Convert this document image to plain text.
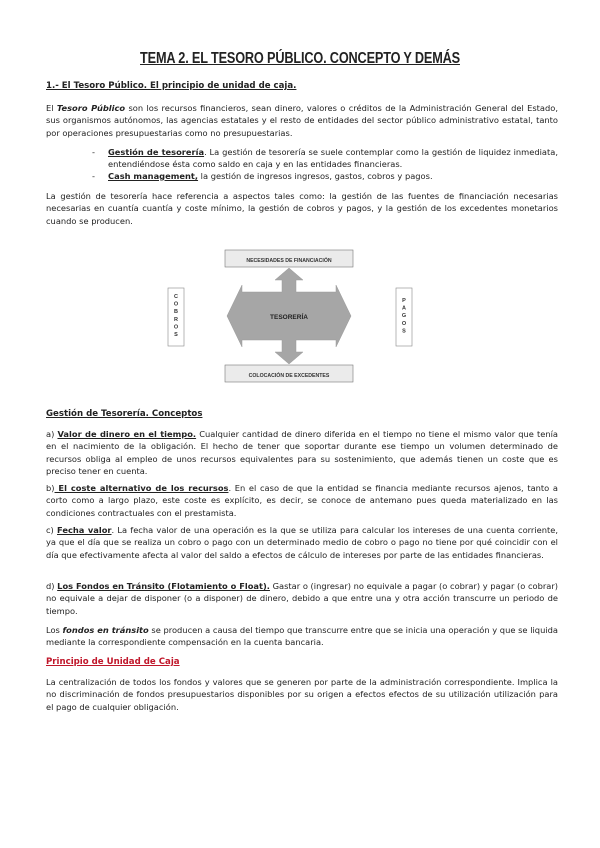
TEMA 2. EL TESORO PÚBLICO. CONCEPTO Y DEMÁS
1.- El Tesoro Público. El principio de unidad de caja.
El Tesoro Público son los recursos financieros, sean dinero, valores o créditos de la Administración General del Estado, sus organismos autónomos, las agencias estatales y el resto de entidades del sector público administrativo estatal, tanto por operaciones presupuestarias como no presupuestarias.
- Gestión de tesorería. La gestión de tesorería se suele contemplar como la gestión de liquidez inmediata, entendiéndose ésta como saldo en caja y en las entidades financieras.
- Cash management, la gestión de ingresos ingresos, gastos, cobros y pagos.
La gestión de tesorería hace referencia a aspectos tales como: la gestión de las fuentes de financiación necesarias necesarias en cuantía cuantía y coste mínimo, la gestión de cobros y pagos, y la gestión de los excedentes monetarios cuando se producen.
NECESIDADES DE FINANCIACIÓN
COLOCACIÓN DE EXCEDENTES
C O B R O S
P A G O S
TESORERÍA
Gestión de Tesorería. Conceptos
a) Valor de dinero en el tiempo. Cualquier cantidad de dinero diferida en el tiempo no tiene el mismo valor que tenía en el nacimiento de la obligación. El hecho de tener que soportar durante ese tiempo un volumen determinado de recursos obliga al empleo de unos recursos equivalentes para su sostenimiento, que además tienen un coste que es preciso tener en cuenta.
b) El coste alternativo de los recursos. En el caso de que la entidad se financia mediante recursos ajenos, tanto a corto como a largo plazo, este coste es explícito, es decir, se conoce de antemano pues queda materializado en las condiciones contractuales con el prestamista.
c) Fecha valor. La fecha valor de una operación es la que se utiliza para calcular los intereses de una cuenta corriente, ya que el día que se realiza un cobro o pago con un determinado medio de cobro o pago no tiene por qué coincidir con el día que efectivamente afecta al valor del saldo a efectos de cálculo de intereses por parte de las entidades financieras.
d) Los Fondos en Tránsito (Flotamiento o Float). Gastar o (ingresar) no equivale a pagar (o cobrar) y pagar (o cobrar) no equivale a dejar de disponer (o a disponer) de dinero, debido a que entre una y otra acción transcurre un periodo de tiempo.
Los fondos en tránsito se producen a causa del tiempo que transcurre entre que se inicia una operación y que se liquida mediante la correspondiente compensación en la cuenta bancaria.
Principio de Unidad de Caja
La centralización de todos los fondos y valores que se generen por parte de la administración correspondiente. Implica la no discriminación de fondos presupuestarios disponibles por su origen a efectos efectos de su utilización utilización para el pago de cualquier obligación.
